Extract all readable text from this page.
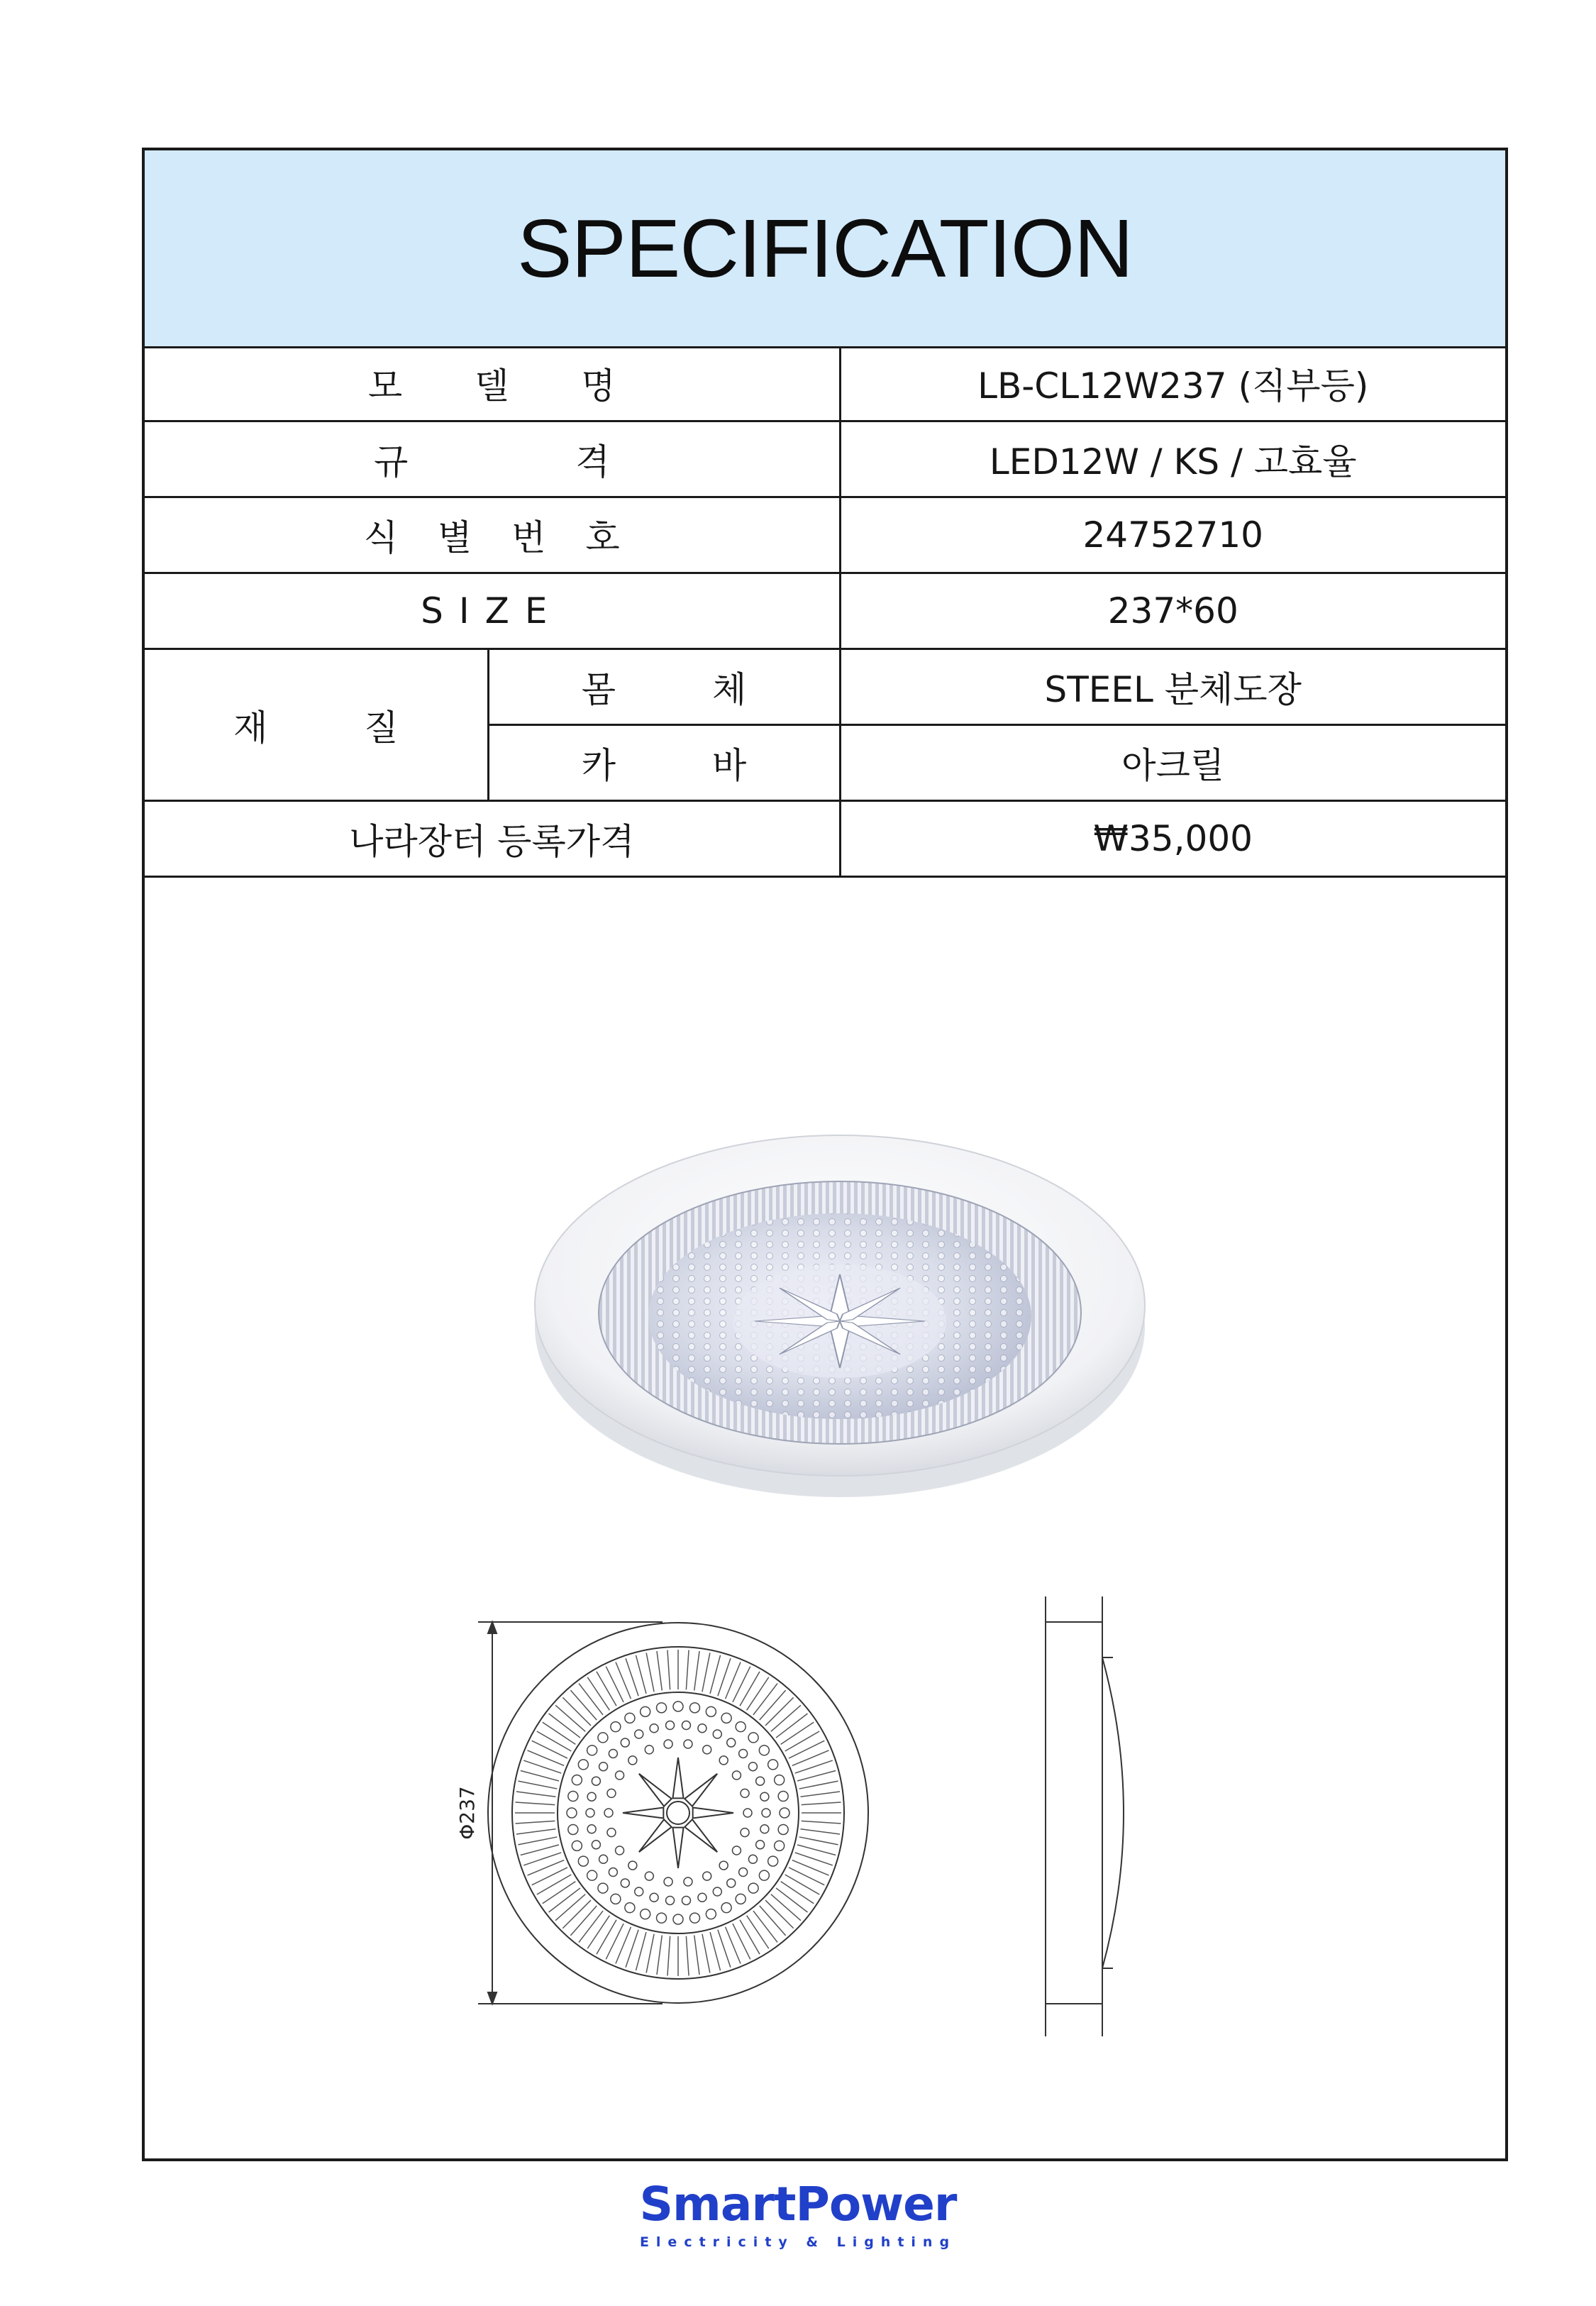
SPECIFICATION
모 델 명		LB-CL12W237 (직부등)
규 격		LED12W / KS / 고효율
식 별 번 호		24752710
SIZE		237*60
재 질	몸 체	STEEL 분체도장
	카 바	아크릴
나라장터 등록가격		₩35,000
Φ237
SmartPower
Electricity & Lighting
